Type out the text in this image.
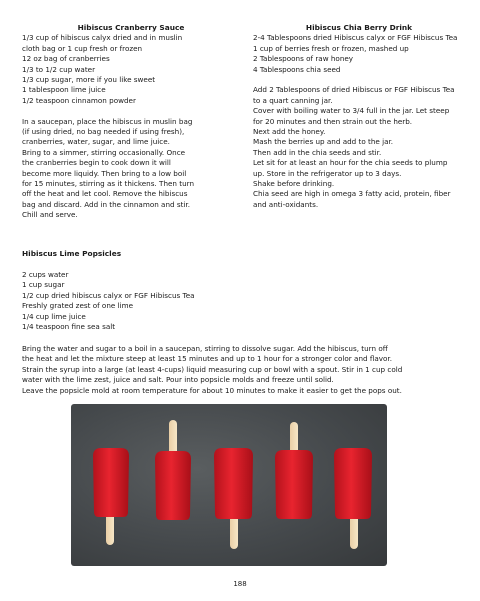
Hibiscus Cranberry Sauce
1/3 cup of hibiscus calyx dried and in muslin
cloth bag or 1 cup fresh or frozen
12 oz bag of cranberries
1/3 to 1/2 cup water
1/3 cup sugar, more if you like sweet
1 tablespoon lime juice
1/2 teaspoon cinnamon powder
In a saucepan, place the hibiscus in muslin bag
(if using dried, no bag needed if using fresh),
cranberries, water, sugar, and lime juice.
Bring to a simmer, stirring occasionally. Once
the cranberries begin to cook down it will
become more liquidy. Then bring to a low boil
for 15 minutes, stirring as it thickens. Then turn
off the heat and let cool. Remove the hibiscus
bag and discard. Add in the cinnamon and stir.
Chill and serve.
Hibiscus Chia Berry Drink
2-4 Tablespoons dried Hibiscus calyx or FGF Hibiscus Tea
1 cup of berries fresh or frozen, mashed up
2 Tablespoons of raw honey
4 Tablespoons chia seed
Add 2 Tablespoons of dried Hibiscus or FGF Hibiscus Tea
to a quart canning jar.
Cover with boiling water to 3/4 full in the jar. Let steep
for 20 minutes and then strain out the herb.
Next add the honey.
Mash the berries up and add to the jar.
Then add in the chia seeds and stir.
Let sit for at least an hour for the chia seeds to plump
up. Store in the refrigerator up to 3 days.
Shake before drinking.
Chia seed are high in omega 3 fatty acid, protein, fiber
and anti-oxidants.
Hibiscus Lime Popsicles
2 cups water
1 cup sugar
1/2 cup dried hibiscus calyx or FGF Hibiscus Tea
Freshly grated zest of one lime
1/4 cup lime juice
1/4 teaspoon fine sea salt
Bring the water and sugar to a boil in a saucepan, stirring to dissolve sugar. Add the hibiscus, turn off
the heat and let the mixture steep at least 15 minutes and up to 1 hour for a stronger color and flavor.
Strain the syrup into a large (at least 4-cups) liquid measuring cup or bowl with a spout. Stir in 1 cup cold
water with the lime zest, juice and salt. Pour into popsicle molds and freeze until solid.
Leave the popsicle mold at room temperature for about 10 minutes to make it easier to get the pops out.
188
